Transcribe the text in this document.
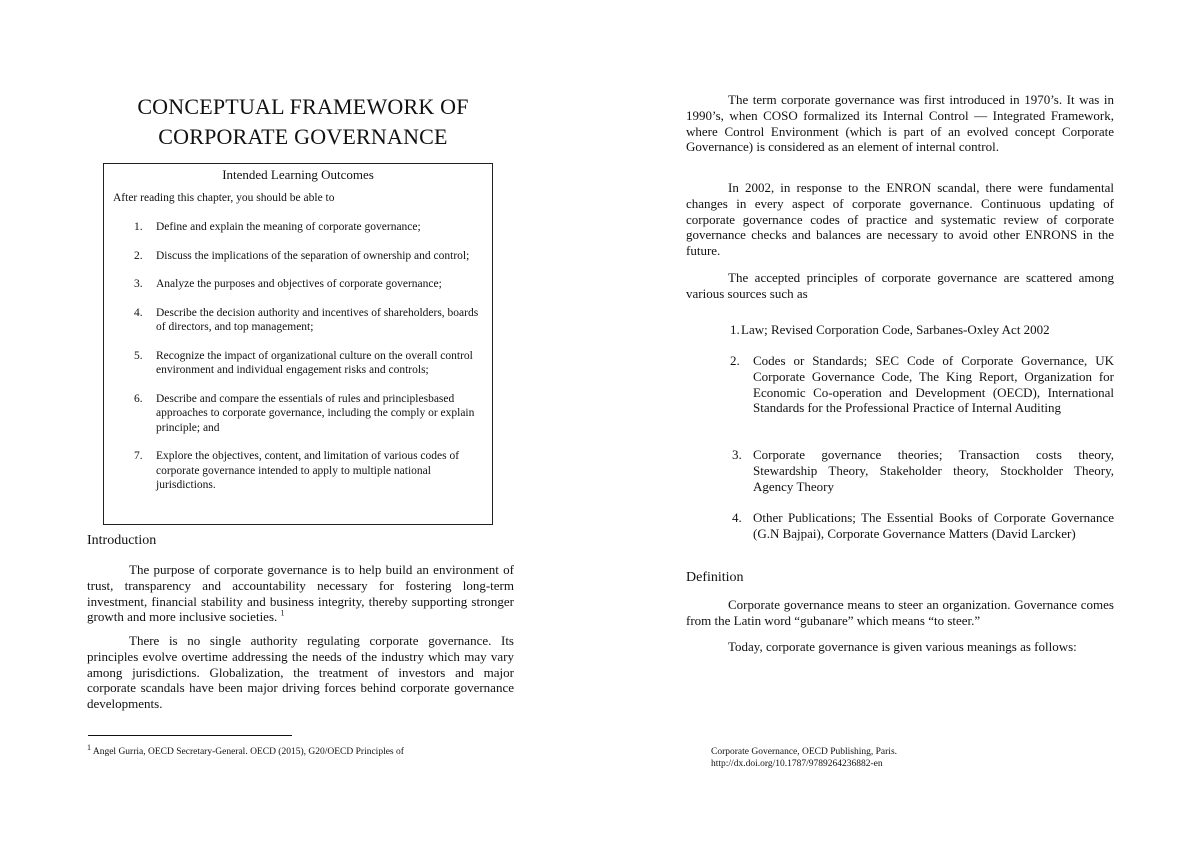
CONCEPTUAL FRAMEWORK OF
CORPORATE GOVERNANCE
Intended Learning Outcomes
After reading this chapter, you should be able to
1. Define and explain the meaning of corporate governance;
2. Discuss the implications of the separation of ownership and control;
3. Analyze the purposes and objectives of corporate governance;
4. Describe the decision authority and incentives of shareholders, boards of directors, and top management;
5. Recognize the impact of organizational culture on the overall control environment and individual engagement risks and controls;
6. Describe and compare the essentials of rules and principlesbased approaches to corporate governance, including the comply or explain principle; and
7. Explore the objectives, content, and limitation of various codes of corporate governance intended to apply to multiple national jurisdictions.
Introduction
The purpose of corporate governance is to help build an environment of trust, transparency and accountability necessary for fostering long-term investment, financial stability and business integrity, thereby supporting stronger growth and more inclusive societies. $^1$
There is no single authority regulating corporate governance. Its principles evolve overtime addressing the needs of the industry which may vary among jurisdictions. Globalization, the treatment of investors and major corporate scandals have been major driving forces behind corporate governance developments.
$^1$ Angel Gurria, OECD Secretary-General. OECD (2015), G20/OECD Principles of
The term corporate governance was first introduced in 1970’s. It was in 1990’s, when COSO formalized its Internal Control — Integrated Framework, where Control Environment (which is part of an evolved concept Corporate Governance) is considered as an element of internal control.
In 2002, in response to the ENRON scandal, there were fundamental changes in every aspect of corporate governance. Continuous updating of corporate governance codes of practice and systematic review of corporate governance checks and balances are necessary to avoid other ENRONS in the future.
The accepted principles of corporate governance are scattered among various sources such as
1. Law; Revised Corporation Code, Sarbanes-Oxley Act 2002
2. Codes or Standards; SEC Code of Corporate Governance, UK Corporate Governance Code, The King Report, Organization for Economic Co-operation and Development (OECD), International Standards for the Professional Practice of Internal Auditing
3. Corporate governance theories; Transaction costs theory, Stewardship Theory, Stakeholder theory, Stockholder Theory, Agency Theory
4. Other Publications; The Essential Books of Corporate Governance (G.N Bajpai), Corporate Governance Matters (David Larcker)
Definition
Corporate governance means to steer an organization. Governance comes from the Latin word “gubanare” which means “to steer.”
Today, corporate governance is given various meanings as follows:
Corporate Governance, OECD Publishing, Paris.
http://dx.doi.org/10.1787/9789264236882-en
